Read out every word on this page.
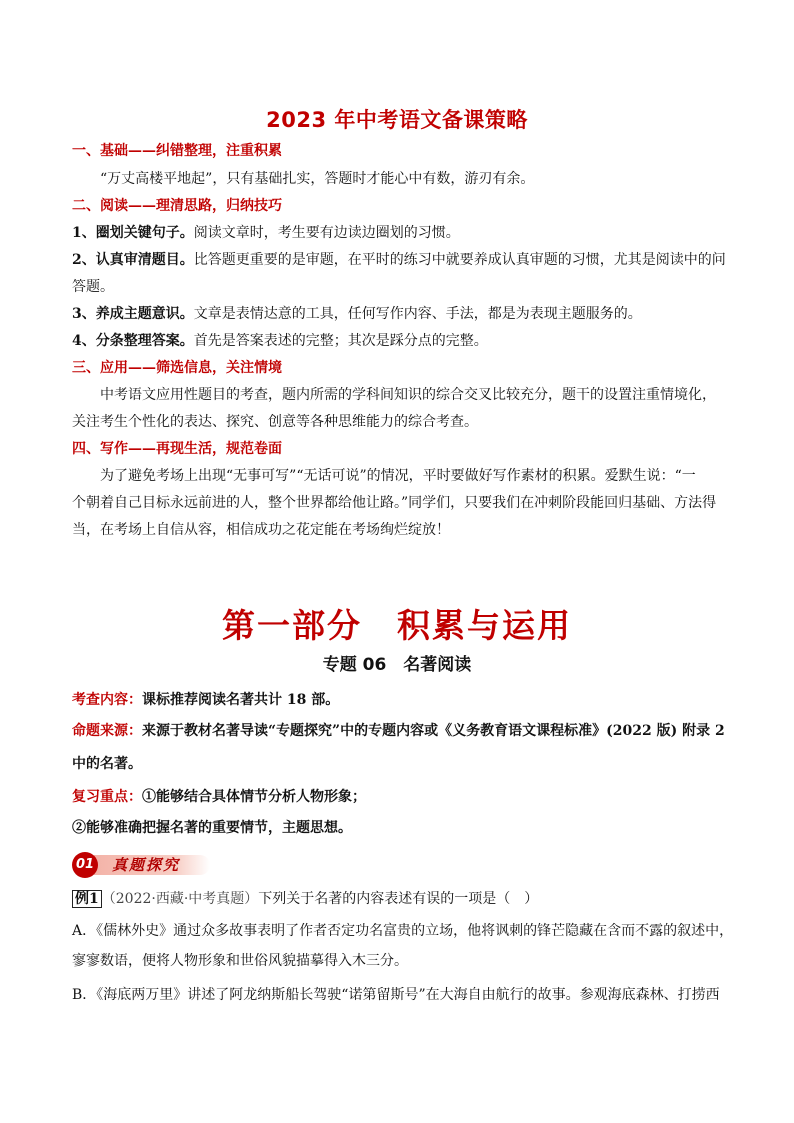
2023 年中考语文备课策略
一、基础——纠错整理，注重积累
“万丈高楼平地起”，只有基础扎实，答题时才能心中有数，游刃有余。
二、阅读——理清思路，归纳技巧
1、圈划关键句子。阅读文章时，考生要有边读边圈划的习惯。
2、认真审清题目。比答题更重要的是审题，在平时的练习中就要养成认真审题的习惯，尤其是阅读中的问
答题。
3、养成主题意识。文章是表情达意的工具，任何写作内容、手法，都是为表现主题服务的。
4、分条整理答案。首先是答案表述的完整；其次是踩分点的完整。
三、应用——筛选信息，关注情境
中考语文应用性题目的考查，题内所需的学科间知识的综合交叉比较充分，题干的设置注重情境化，
关注考生个性化的表达、探究、创意等各种思维能力的综合考查。
四、写作——再现生活，规范卷面
为了避免考场上出现“无事可写”“无话可说”的情况，平时要做好写作素材的积累。爱默生说：“一
个朝着自己目标永远前进的人，整个世界都给他让路。”同学们，只要我们在冲刺阶段能回归基础、方法得
当，在考场上自信从容，相信成功之花定能在考场绚烂绽放！
第一部分　积累与运用
专题 06　名著阅读
考查内容：课标推荐阅读名著共计 18 部。
命题来源：来源于教材名著导读“专题探究”中的专题内容或《义务教育语文课程标准》(2022 版) 附录 2
中的名著。
复习重点：①能够结合具体情节分析人物形象；
②能够准确把握名著的重要情节，主题思想。
真题探究
01
例1 （2022·西藏·中考真题）下列关于名著的内容表述有误的一项是（　）
A．《儒林外史》通过众多故事表明了作者否定功名富贵的立场，他将讽刺的锋芒隐藏在含而不露的叙述中，
寥寥数语，便将人物形象和世俗风貌描摹得入木三分。
B．《海底两万里》讲述了阿龙纳斯船长驾驶“诺第留斯号”在大海自由航行的故事。参观海底森林、打捞西
